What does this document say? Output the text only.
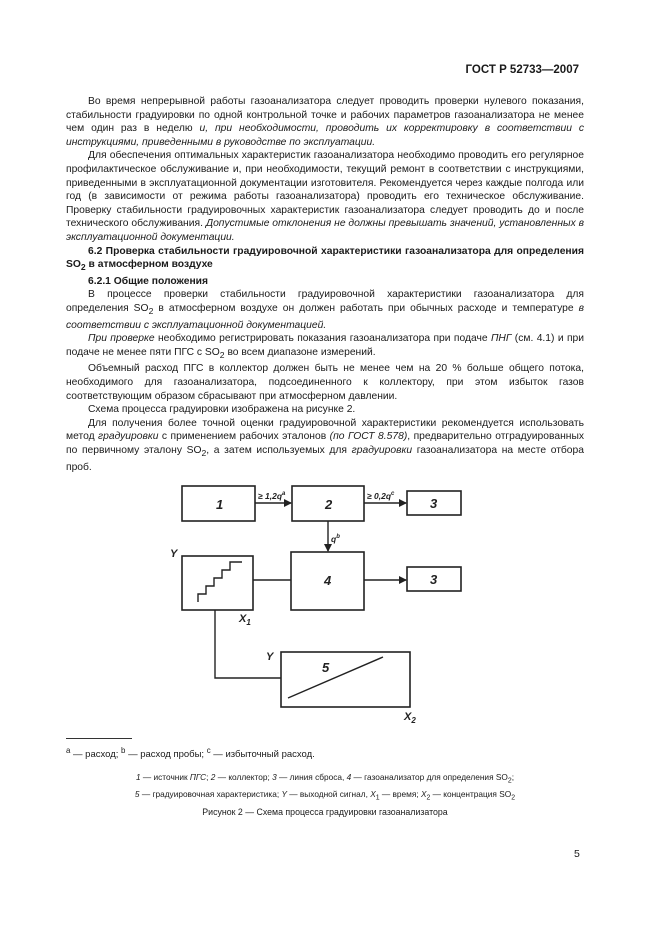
ГОСТ Р 52733—2007

Во время непрерывной работы газоанализатора следует проводить проверки нулевого показания, стабильности градуировки по одной контрольной точке и рабочих параметров газоанализатора не менее чем один раз в неделю и, при необходимости, проводить их корректировку в соответствии с инструкциями, приведенными в руководстве по эксплуатации.

Для обеспечения оптимальных характеристик газоанализатора необходимо проводить его регулярное профилактическое обслуживание и, при необходимости, текущий ремонт в соответствии с инструкциями, приведенными в эксплуатационной документации изготовителя. Рекомендуется через каждые полгода или год (в зависимости от режима работы газоанализатора) проводить его техническое обслуживание. Проверку стабильности градуировочных характеристик газоанализатора следует проводить до и после технического обслуживания. Допустимые отклонения не должны превышать значений, установленных в эксплуатационной документации.

6.2 Проверка стабильности градуировочной характеристики газоанализатора для определения $SO_2$ в атмосферном воздухе

6.2.1 Общие положения

В процессе проверки стабильности градуировочной характеристики газоанализатора для определения $SO_2$ в атмосферном воздухе он должен работать при обычных расходе и температуре в соответствии с эксплуатационной документацией.

При проверке необходимо регистрировать показания газоанализатора при подаче ПНГ (см. 4.1) и при подаче не менее пяти ПГС с $SO_2$ во всем диапазоне измерений.

Объемный расход ПГС в коллектор должен быть не менее чем на 20 % больше общего потока, необходимого для газоанализатора, подсоединенного к коллектору, при этом избыток газов соответствующим образом сбрасывают при атмосферном давлении.

Схема процесса градуировки изображена на рисунке 2.

Для получения более точной оценки градуировочной характеристики рекомендуется использовать метод градуировки с применением рабочих эталонов (по ГОСТ 8.578), предварительно отградуированных по первичному эталону $SO_2$, а затем используемых для градуировки газоанализатора на месте отбора проб.

1	2	3
4	3
5
≥ $1,2q^a$	≥ $0,2q^c$
$q^b$
Y
$X_1$
Y
$X_2$
$^a$ — расход; $^b$ — расход пробы; $^c$ — избыточный расход.
1 — источник ПГС; 2 — коллектор; 3 — линия сброса, 4 — газоанализатор для определения $SO_2$;
5 — градуировочная характеристика; Y — выходной сигнал, $X_1$ — время; $X_2$ — концентрация $SO_2$
Рисунок 2 — Схема процесса градуировки газоанализатора
5
